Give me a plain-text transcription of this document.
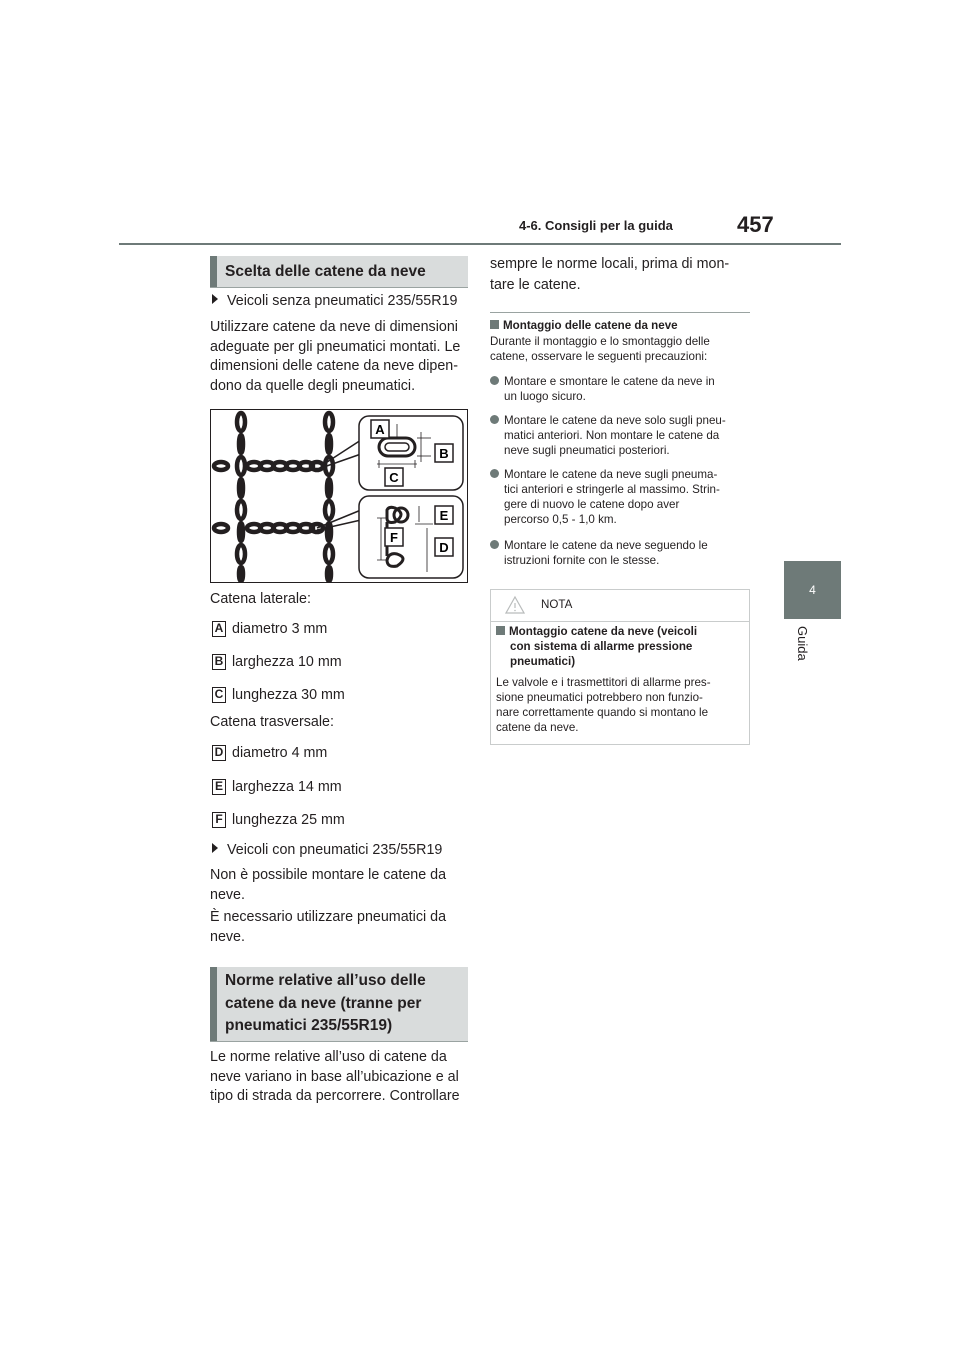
4-6. Consigli per la guida	457
4
Guida
Scelta delle catene da neve
Veicoli senza pneumatici 235/55R19
Utilizzare catene da neve di dimensioni
adeguate per gli pneumatici montati. Le
dimensioni delle catene da neve dipen-
dono da quelle degli pneumatici.
A
B
C
E
F
D
Catena laterale:
A diametro 3 mm
B larghezza 10 mm
C lunghezza 30 mm
Catena trasversale:
D diametro 4 mm
E larghezza 14 mm
F lunghezza 25 mm
Veicoli con pneumatici 235/55R19
Non è possibile montare le catene da
neve.
È necessario utilizzare pneumatici da
neve.
Norme relative all’uso delle
catene da neve (tranne per
pneumatici 235/55R19)
Le norme relative all’uso di catene da
neve variano in base all’ubicazione e al
tipo di strada da percorrere. Controllare
sempre le norme locali, prima di mon-
tare le catene.
Montaggio delle catene da neve
Durante il montaggio e lo smontaggio delle
catene, osservare le seguenti precauzioni:
Montare e smontare le catene da neve in
un luogo sicuro.
Montare le catene da neve solo sugli pneu-
matici anteriori. Non montare le catene da
neve sugli pneumatici posteriori.
Montare le catene da neve sugli pneuma-
tici anteriori e stringerle al massimo. Strin-
gere di nuovo le catene dopo aver
percorso 0,5 - 1,0 km.
Montare le catene da neve seguendo le
istruzioni fornite con le stesse.
NOTA
Montaggio catene da neve (veicoli
con sistema di allarme pressione
pneumatici)
Le valvole e i trasmettitori di allarme pres-
sione pneumatici potrebbero non funzio-
nare correttamente quando si montano le
catene da neve.
